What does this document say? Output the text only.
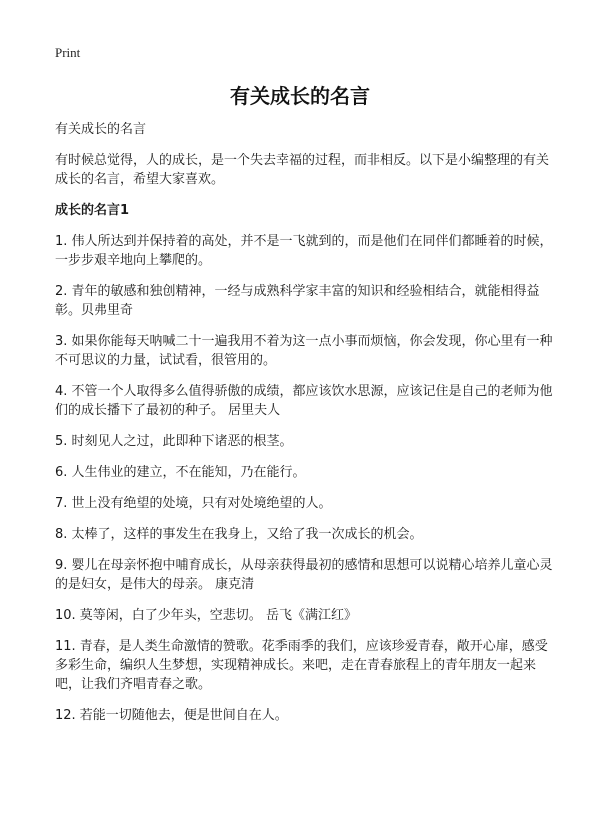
Print
有关成长的名言

有关成长的名言

有时候总觉得，人的成长，是一个失去幸福的过程，而非相反。以下是小编整理的有关成长的名言，希望大家喜欢。

成长的名言1

1. 伟人所达到并保持着的高处，并不是一飞就到的，而是他们在同伴们都睡着的时候，一步步艰辛地向上攀爬的。

2. 青年的敏感和独创精神，一经与成熟科学家丰富的知识和经验相结合，就能相得益彰。贝弗里奇

3. 如果你能每天呐喊二十一遍我用不着为这一点小事而烦恼，你会发现，你心里有一种不可思议的力量，试试看，很管用的。

4. 不管一个人取得多么值得骄傲的成绩，都应该饮水思源，应该记住是自己的老师为他们的成长播下了最初的种子。 居里夫人

5. 时刻见人之过，此即种下诸恶的根茎。

6. 人生伟业的建立，不在能知，乃在能行。

7. 世上没有绝望的处境，只有对处境绝望的人。

8. 太棒了，这样的事发生在我身上，又给了我一次成长的机会。

9. 婴儿在母亲怀抱中哺育成长，从母亲获得最初的感情和思想可以说精心培养儿童心灵的是妇女，是伟大的母亲。 康克清

10. 莫等闲，白了少年头，空悲切。 岳飞《满江红》

11. 青春，是人类生命激情的赞歌。花季雨季的我们，应该珍爱青春，敞开心扉，感受多彩生命，编织人生梦想，实现精神成长。来吧，走在青春旅程上的青年朋友一起来吧，让我们齐唱青春之歌。

12. 若能一切随他去，便是世间自在人。
